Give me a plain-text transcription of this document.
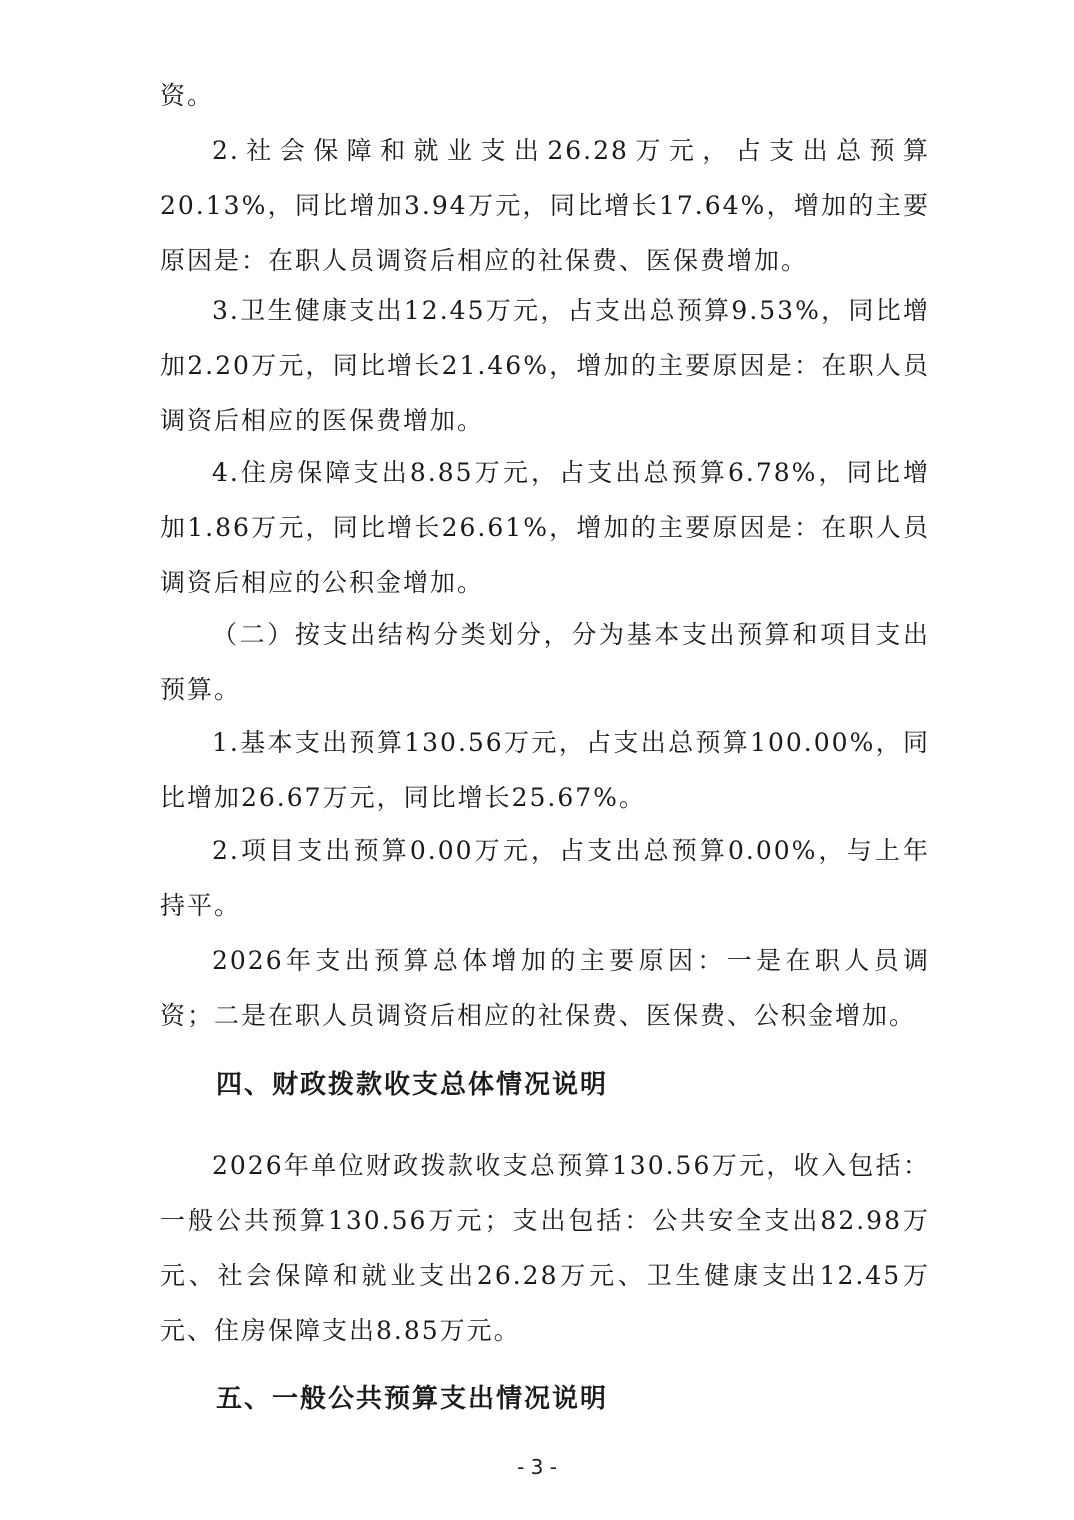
资。

2.社会保障和就业支出26.28万元，占支出总预算20.13%，同比增加3.94万元，同比增长17.64%，增加的主要原因是：在职人员调资后相应的社保费、医保费增加。

3.卫生健康支出12.45万元，占支出总预算9.53%，同比增加2.20万元，同比增长21.46%，增加的主要原因是：在职人员调资后相应的医保费增加。

4.住房保障支出8.85万元，占支出总预算6.78%，同比增加1.86万元，同比增长26.61%，增加的主要原因是：在职人员调资后相应的公积金增加。

（二）按支出结构分类划分，分为基本支出预算和项目支出预算。

1.基本支出预算130.56万元，占支出总预算100.00%，同比增加26.67万元，同比增长25.67%。

2.项目支出预算0.00万元，占支出总预算0.00%，与上年持平。

2026年支出预算总体增加的主要原因：一是在职人员调资；二是在职人员调资后相应的社保费、医保费、公积金增加。

四、财政拨款收支总体情况说明

2026年单位财政拨款收支总预算130.56万元，收入包括：一般公共预算130.56万元；支出包括：公共安全支出82.98万元、社会保障和就业支出26.28万元、卫生健康支出12.45万元、住房保障支出8.85万元。

五、一般公共预算支出情况说明
- 3 -
